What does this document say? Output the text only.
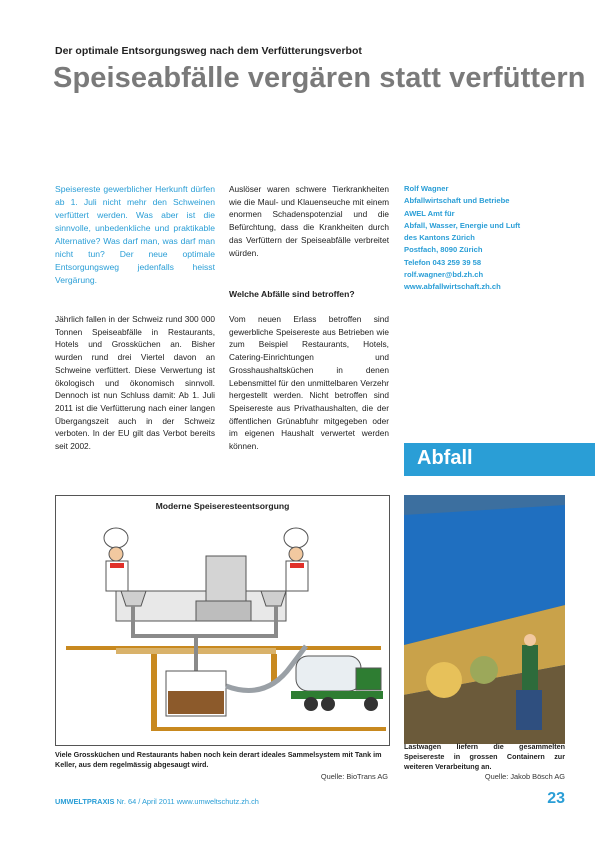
Der optimale Entsorgungsweg nach dem Verfütterungsverbot
Speiseabfälle vergären statt verfüttern
Speisereste gewerblicher Herkunft dürfen ab 1. Juli nicht mehr den Schweinen verfüttert werden. Was aber ist die sinnvolle, unbedenkliche und praktikable Alternative? Was darf man, was darf man nicht tun? Der neue optimale Entsorgungsweg jedenfalls heisst Vergärung.
Jährlich fallen in der Schweiz rund 300 000 Tonnen Speiseabfälle in Restaurants, Hotels und Grossküchen an. Bisher wurden rund drei Viertel davon an Schweine verfüttert. Diese Verwertung ist ökologisch und ökonomisch sinnvoll. Dennoch ist nun Schluss damit: Ab 1. Juli 2011 ist die Verfütterung nach einer langen Übergangszeit auch in der Schweiz verboten. In der EU gilt das Verbot bereits seit 2002.
Auslöser waren schwere Tierkrankheiten wie die Maul- und Klauenseuche mit einem enormen Schadenspotenzial und die Befürchtung, dass die Krankheiten durch das Verfüttern der Speiseabfälle verbreitet würden.
Welche Abfälle sind betroffen?
Vom neuen Erlass betroffen sind gewerbliche Speisereste aus Betrieben wie zum Beispiel Restaurants, Hotels, Catering-Einrichtungen und Grosshaushaltsküchen in denen Lebensmittel für den unmittelbaren Verzehr hergestellt werden. Nicht betroffen sind Speisereste aus Privathaushalten, die der öffentlichen Grünabfuhr mitgegeben oder im eigenen Haushalt verwertet werden können.
Rolf Wagner
Abfallwirtschaft und Betriebe
AWEL Amt für
Abfall, Wasser, Energie und Luft
des Kantons Zürich
Postfach, 8090 Zürich
Telefon 043 259 39 58
rolf.wagner@bd.zh.ch
www.abfallwirtschaft.zh.ch
Abfall
Moderne Speiseresteentsorgung
Viele Grossküchen und Restaurants haben noch kein derart ideales Sammelsystem mit Tank im Keller, aus dem regelmässig abgesaugt wird.
Lastwagen liefern die gesammelten Speisereste in grossen Containern zur weiteren Verarbeitung an.
Quelle: BioTrans AG	Quelle: Jakob Bösch AG
UMWELTPRAXIS Nr. 64 / April 2011 www.umweltschutz.zh.ch	23
